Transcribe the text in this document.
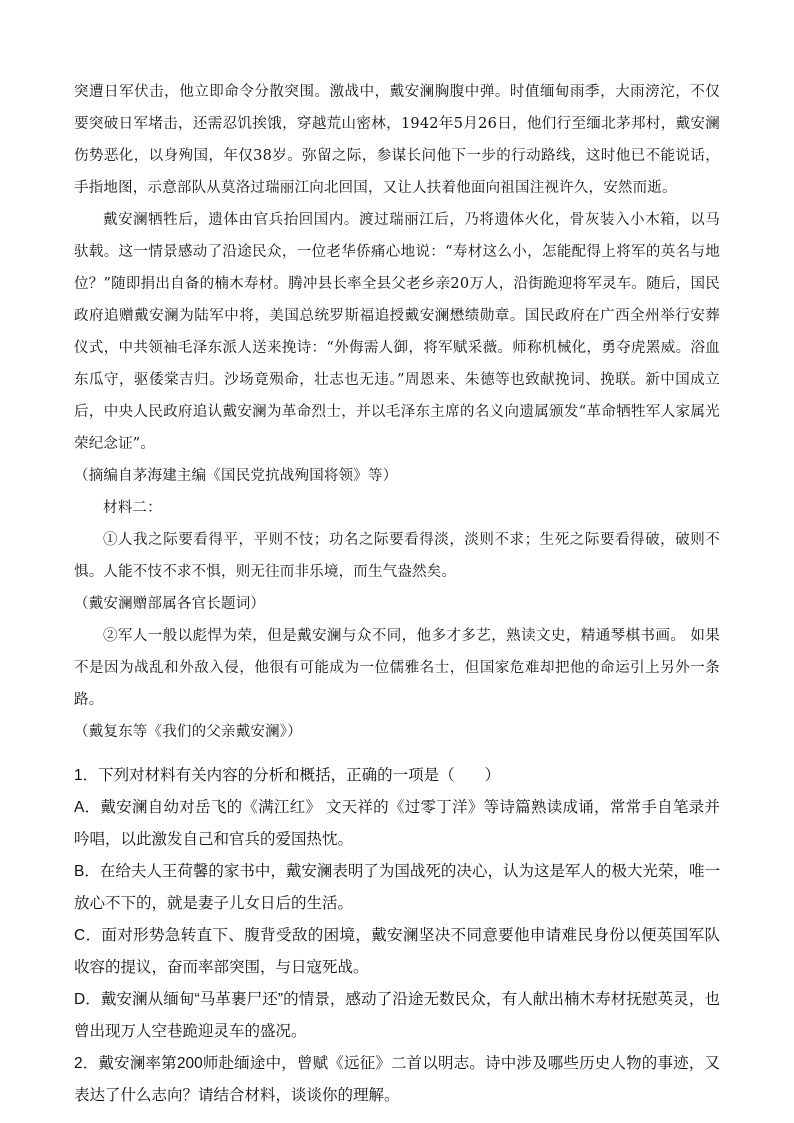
突遭日军伏击，他立即命令分散突围。激战中，戴安澜胸腹中弹。时值缅甸雨季，大雨滂沱，不仅要突破日军堵击，还需忍饥挨饿，穿越荒山密林，1942年5月26日，他们行至缅北茅邦村，戴安澜伤势恶化，以身殉国，年仅38岁。弥留之际，参谋长问他下一步的行动路线，这时他已不能说话，手指地图，示意部队从莫洛过瑞丽江向北回国，又让人扶着他面向祖国注视许久，安然而逝。

戴安澜牺牲后，遗体由官兵抬回国内。渡过瑞丽江后，乃将遗体火化，骨灰装入小木箱，以马驮载。这一情景感动了沿途民众，一位老华侨痛心地说：“寿材这么小，怎能配得上将军的英名与地位？”随即捐出自备的楠木寿材。腾冲县长率全县父老乡亲20万人，沿街跪迎将军灵车。随后，国民政府追赠戴安澜为陆军中将，美国总统罗斯福追授戴安澜懋绩勋章。国民政府在广西全州举行安葬仪式，中共领袖毛泽东派人送来挽诗：“外侮需人御，将军赋采薇。师称机械化，勇夺虎罴威。浴血东瓜守，驱倭棠吉归。沙场竟殒命，壮志也无违。”周恩来、朱德等也致献挽词、挽联。新中国成立后，中央人民政府追认戴安澜为革命烈士，并以毛泽东主席的名义向遗属颁发“革命牺牲军人家属光荣纪念证”。

（摘编自茅海建主编《国民党抗战殉国将领》等）

材料二：

①人我之际要看得平，平则不忮；功名之际要看得淡，淡则不求；生死之际要看得破，破则不惧。人能不忮不求不惧，则无往而非乐境，而生气盎然矣。

（戴安澜赠部属各官长题词）

②军人一般以彪悍为荣，但是戴安澜与众不同，他多才多艺，熟读文史，精通琴棋书画。 如果不是因为战乱和外敌入侵，他很有可能成为一位儒雅名士，但国家危难却把他的命运引上另外一条路。

（戴复东等《我们的父亲戴安澜》）

1．下列对材料有关内容的分析和概括，正确的一项是（ ）

A．戴安澜自幼对岳飞的《满江红》 文天祥的《过零丁洋》等诗篇熟读成诵，常常手自笔录并吟唱，以此激发自己和官兵的爱国热忱。

B．在给夫人王荷馨的家书中，戴安澜表明了为国战死的决心，认为这是军人的极大光荣，唯一放心不下的，就是妻子儿女日后的生活。

C．面对形势急转直下、腹背受敌的困境，戴安澜坚决不同意要他申请难民身份以便英国军队收容的提议，奋而率部突围，与日寇死战。

D．戴安澜从缅甸“马革裹尸还”的情景，感动了沿途无数民众，有人献出楠木寿材抚慰英灵，也曾出现万人空巷跪迎灵车的盛况。

2．戴安澜率第200师赴缅途中，曾赋《远征》二首以明志。诗中涉及哪些历史人物的事迹，又表达了什么志向？请结合材料，谈谈你的理解。
